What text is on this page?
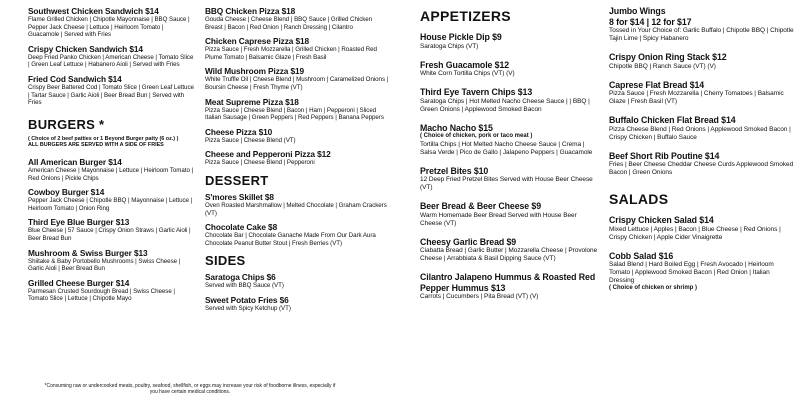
Southwest Chicken Sandwich $14
Flame Grilled Chicken | Chipotle Mayonnaise | BBQ Sauce | Pepper Jack Cheese | Lettuce | Heirloom Tomato | Guacamole | Served with Fries
Crispy Chicken Sandwich $14
Deep Fried Panko Chicken | American Cheese | Tomato Slice | Green Leaf Lettuce | Habanero Aioli | Served with Fries
Fried Cod Sandwich $14
Crispy Beer Battered Cod | Tomato Slice | Green Leaf Lettuce | Tartar Sauce | Garlic Aioli | Beer Bread Bun | Served with Fries
BURGERS *
( Choice of 2 beef patties or 1 Beyond Burger patty (6 oz.) )
ALL BURGERS ARE SERVED WITH A SIDE OF FRIES
All American Burger $14
American Cheese | Mayonnaise | Lettuce | Heirloom Tomato | Red Onions | Pickle Chips
Cowboy Burger $14
Pepper Jack Cheese | Chipotle BBQ | Mayonnaise | Lettuce | Heirloom Tomato | Onion Ring
Third Eye Blue Burger $13
Blue Cheese | 57 Sauce | Crispy Onion Straws | Garlic Aioli | Beer Bread Bun
Mushroom & Swiss Burger $13
Shiitake & Baby Portobello Mushrooms | Swiss Cheese | Garlic Aioli | Beer Bread Bun
Grilled Cheese Burger $14
Parmesan Crusted Sourdough Bread | Swiss Cheese | Tomato Slice | Lettuce | Chipotle Mayo
BBQ Chicken Pizza $18
Gouda Cheese | Cheese Blend | BBQ Sauce | Grilled Chicken Breast | Bacon | Red Onion | Ranch Dressing | Cilantro
Chicken Caprese Pizza $18
Pizza Sauce | Fresh Mozzarella | Grilled Chicken | Roasted Red Plume Tomato | Balsamic Glaze | Fresh Basil
Wild Mushroom Pizza $19
White Truffle Oil | Cheese Blend | Mushroom | Caramelized Onions | Boursin Cheese | Fresh Thyme (VT)
Meat Supreme Pizza $18
Pizza Sauce | Cheese Blend | Bacon | Ham | Pepperoni | Sliced Italian Sausage | Green Peppers | Red Peppers | Banana Peppers
Cheese Pizza $10
Pizza Sauce | Cheese Blend (VT)
Cheese and Pepperoni Pizza $12
Pizza Sauce | Cheese Blend | Pepperoni
DESSERT
S'mores Skillet $8
Oven Roasted Marshmallow | Melted Chocolate | Graham Crackers (VT)
Chocolate Cake $8
Chocolate Bar | Chocolate Ganache Made From Our Dark Aura Chocolate Peanut Butter Stout | Fresh Berries (VT)
SIDES
Saratoga Chips $6
Served with BBQ Sauce (VT)
Sweet Potato Fries $6
Served with Spicy Ketchup (VT)
*Consuming raw or undercooked meats, poultry, seafood, shellfish, or eggs may increase your risk of foodborne illness, especially if you have certain medical conditions.
APPETIZERS
House Pickle Dip $9
Saratoga Chips (VT)
Fresh Guacamole $12
White Corn Tortilla Chips (VT) (V)
Third Eye Tavern Chips $13
Saratoga Chips | Hot Melted Nacho Cheese Sauce | | BBQ | Green Onions | Applewood Smoked Bacon
Macho Nacho $15
( Choice of chicken, pork or taco meat )
Tortilla Chips | Hot Melted Nacho Cheese Sauce | Crema | Salsa Verde | Pico de Gallo | Jalapeno Peppers | Guacamole
Pretzel Bites $10
12 Deep Fried Pretzel Bites Served with House Beer Cheese (VT)
Beer Bread & Beer Cheese $9
Warm Homemade Beer Bread Served with House Beer Cheese (VT)
Cheesy Garlic Bread $9
Ciabatta Bread | Garlic Butter | Mozzarella Cheese | Provolone Cheese | Arrabbiata & Basil Dipping Sauce (VT)
Cilantro Jalapeno Hummus & Roasted Red Pepper Hummus $13
Carrots | Cucumbers | Pita Bread (VT) (V)
Jumbo Wings
8 for $14 | 12 for $17
Tossed in Your Choice of: Garlic Buffalo | Chipotle BBQ | Chipotle Tajin Lime | Spicy Habanero
Crispy Onion Ring Stack $12
Chipotle BBQ | Ranch Sauce (VT) (V)
Caprese Flat Bread $14
Pizza Sauce | Fresh Mozzarella | Cherry Tomatoes | Balsamic Glaze | Fresh Basil (VT)
Buffalo Chicken Flat Bread $14
Pizza Cheese Blend | Red Onions | Applewood Smoked Bacon | Crispy Chicken | Buffalo Sauce
Beef Short Rib Poutine $14
Fries | Beer Cheese Cheddar Cheese Curds Applewood Smoked Bacon | Green Onions
SALADS
Crispy Chicken Salad $14
Mixed Lettuce | Apples | Bacon | Blue Cheese | Red Onions | Crispy Chicken | Apple Cider Vinaigrette
Cobb Salad $16
Salad Blend | Hard Boiled Egg | Fresh Avocado | Heirloom Tomato | Applewood Smoked Bacon | Red Onion | Italian Dressing
( Choice of chicken or shrimp )
